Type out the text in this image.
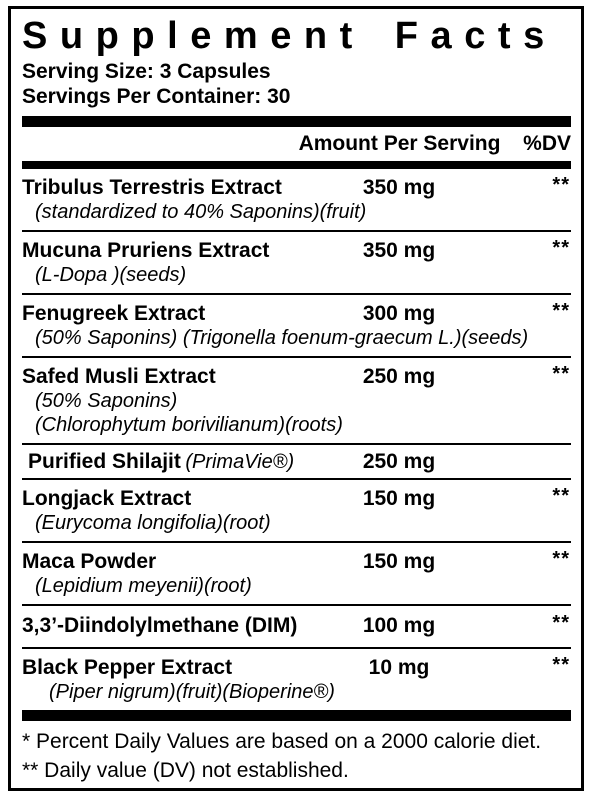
Supplement Facts
Serving Size: 3 Capsules
Servings Per Container: 30
Amount Per Serving %DV
Tribulus Terrestris Extract
(standardized to 40% Saponins)(fruit)
350 mg	**
Mucuna Pruriens Extract
(L-Dopa )(seeds)
350 mg	**
Fenugreek Extract
(50% Saponins) (Trigonella foenum-graecum L.)(seeds)
300 mg	**
Safed Musli Extract
(50% Saponins)
(Chlorophytum borivilianum)(roots)
250 mg	**
Purified Shilajit (PrimaVie®)	250 mg
Longjack Extract
(Eurycoma longifolia)(root)
150 mg	**
Maca Powder
(Lepidium meyenii)(root)
150 mg	**
3,3’-Diindolylmethane (DIM)	100 mg	**
Black Pepper Extract
(Piper nigrum)(fruit)(Bioperine®)
10 mg	**
* Percent Daily Values are based on a 2000 calorie diet.
** Daily value (DV) not established.
